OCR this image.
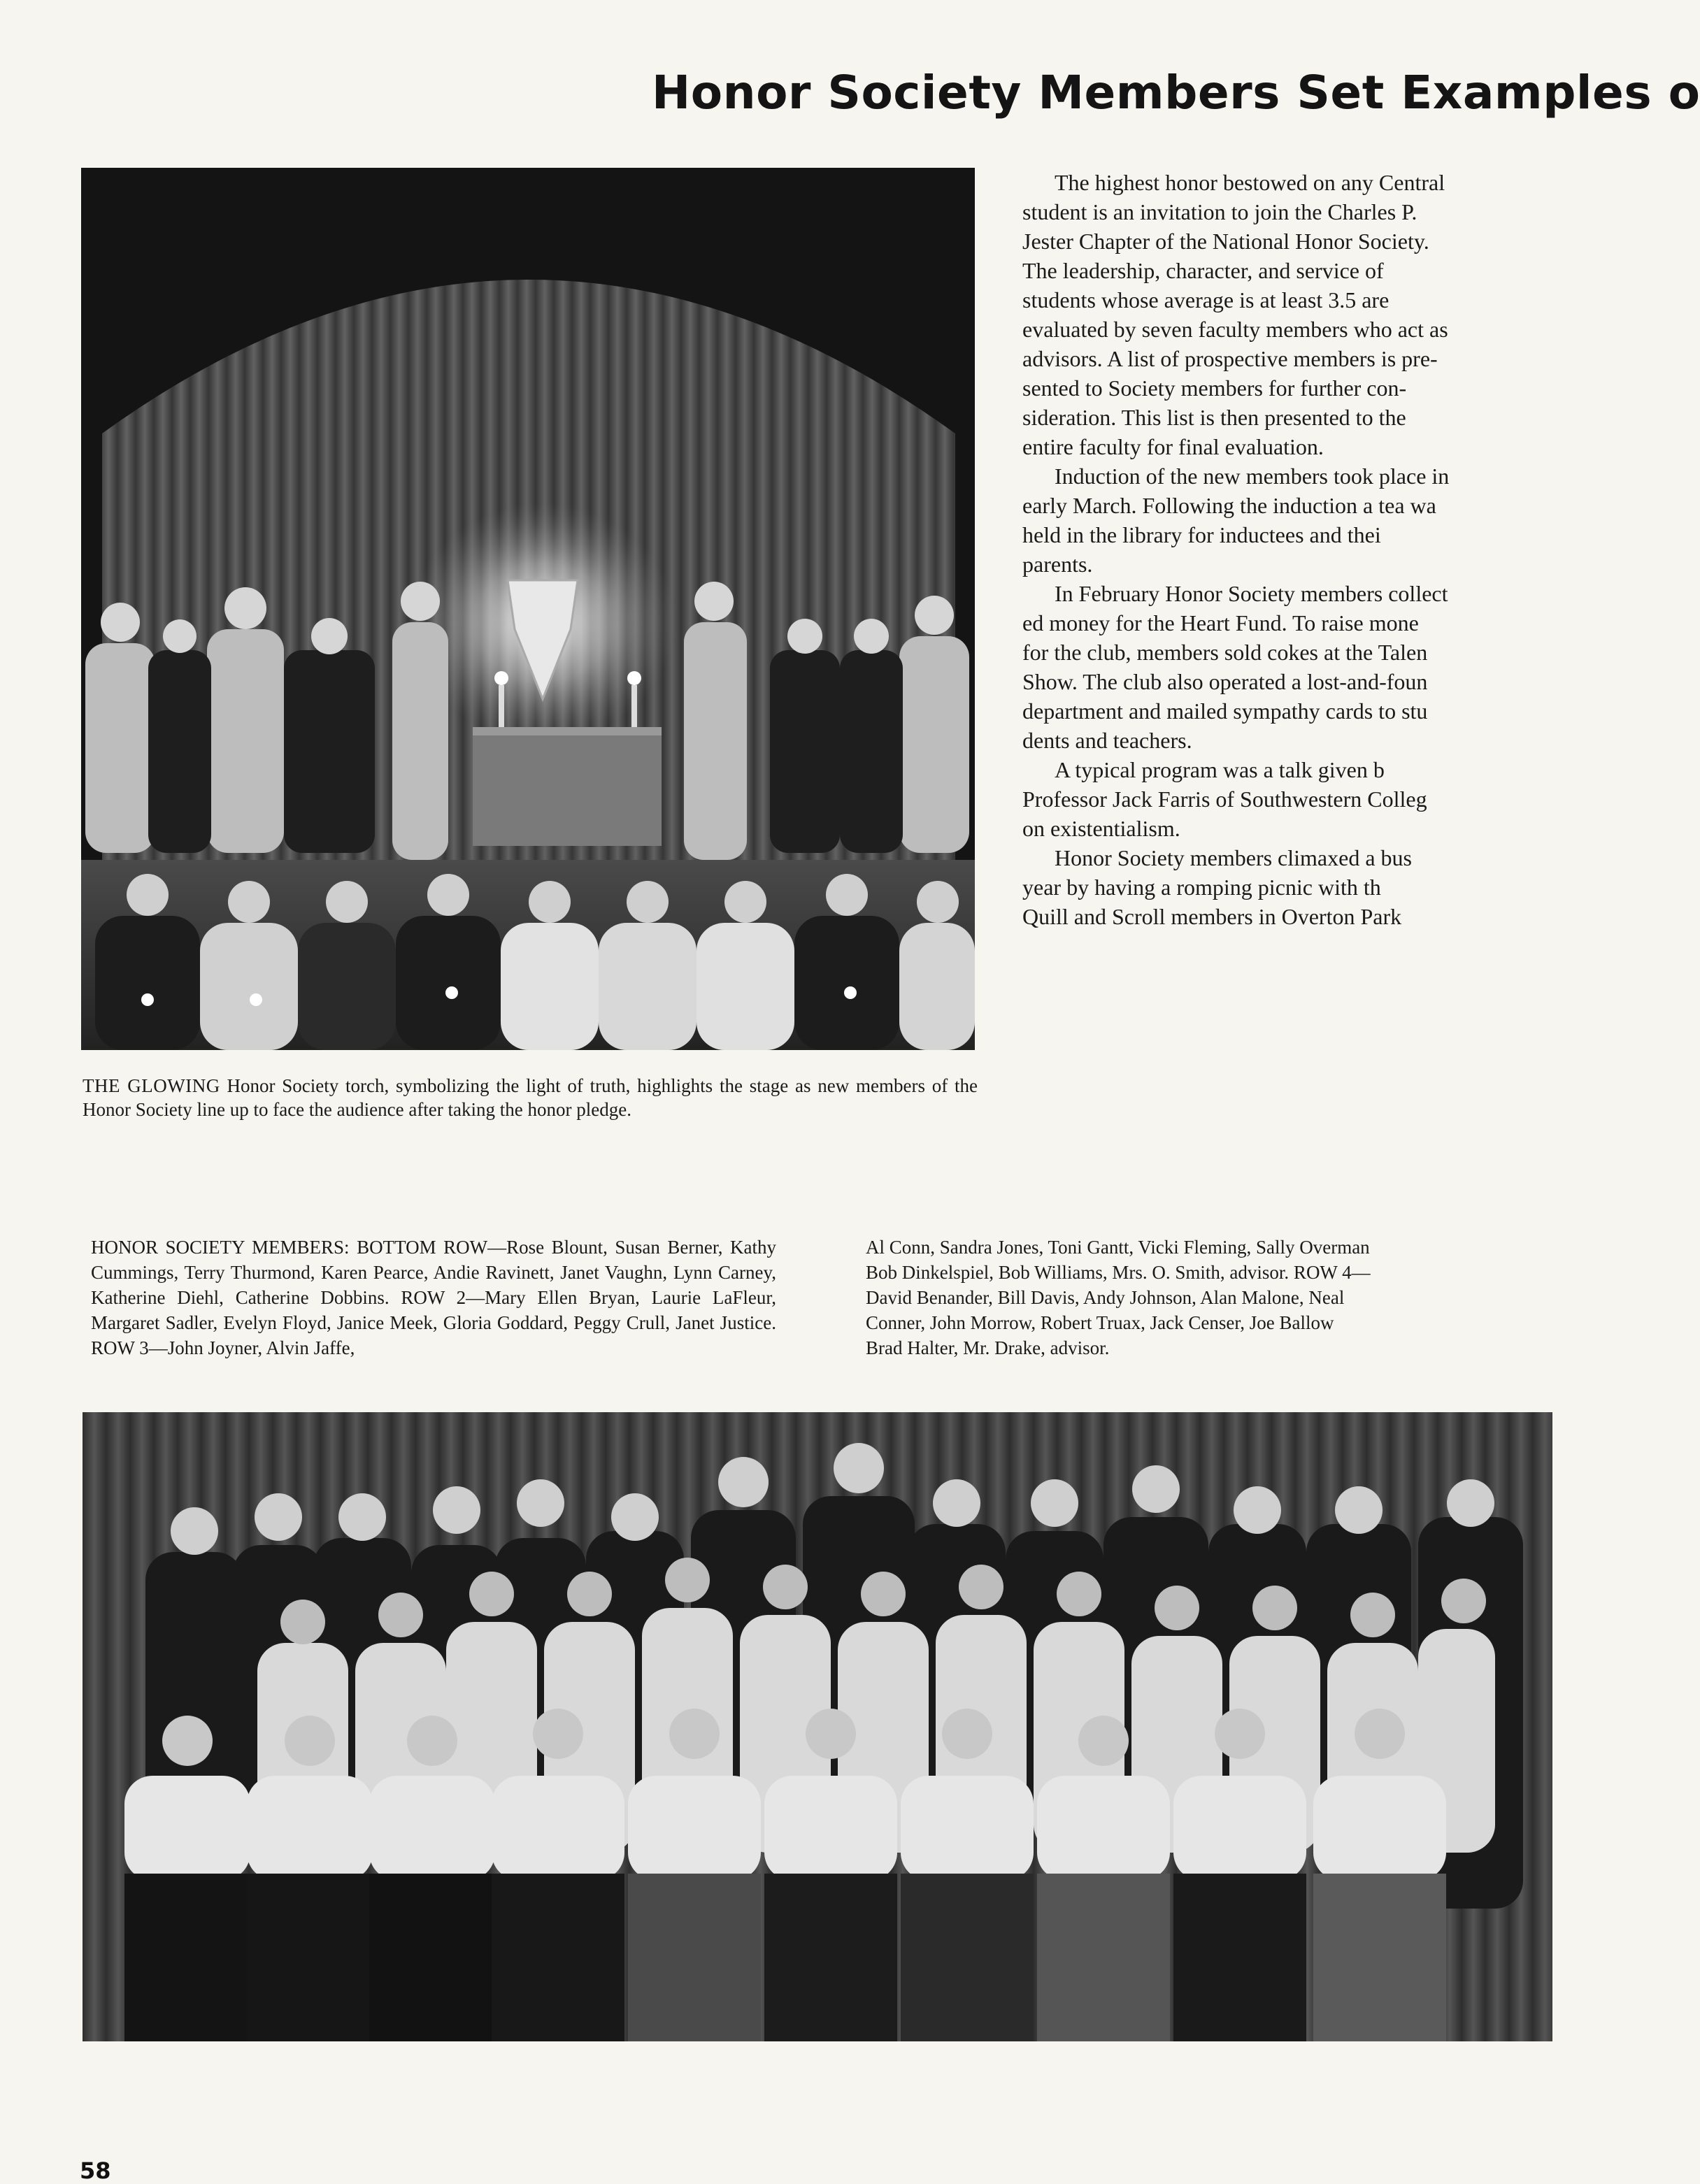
Honor Society Members Set Examples o

The highest honor bestowed on any Central
student is an invitation to join the Charles P.
Jester Chapter of the National Honor Society.
The leadership, character, and service of
students whose average is at least 3.5 are
evaluated by seven faculty members who act as
advisors. A list of prospective members is pre-
sented to Society members for further con-
sideration. This list is then presented to the
entire faculty for final evaluation.

Induction of the new members took place in
early March. Following the induction a tea wa
held in the library for inductees and thei
parents.

In February Honor Society members collect
ed money for the Heart Fund. To raise mone
for the club, members sold cokes at the Talen
Show. The club also operated a lost-and-foun
department and mailed sympathy cards to stu
dents and teachers.

A typical program was a talk given b
Professor Jack Farris of Southwestern Colleg
on existentialism.

Honor Society members climaxed a bus
year by having a romping picnic with th
Quill and Scroll members in Overton Park

THE GLOWING Honor Society torch, symbolizing the light of truth, highlights the stage as new members of the Honor Society line up to face the audience after taking the honor pledge.
HONOR SOCIETY MEMBERS: BOTTOM ROW—Rose Blount, Susan Berner, Kathy Cummings, Terry Thurmond, Karen Pearce, Andie Ravinett, Janet Vaughn, Lynn Carney, Katherine Diehl, Catherine Dobbins. ROW 2—Mary Ellen Bryan, Laurie LaFleur, Margaret Sadler, Evelyn Floyd, Janice Meek, Gloria Goddard, Peggy Crull, Janet Justice. ROW 3—John Joyner, Alvin Jaffe,
Al Conn, Sandra Jones, Toni Gantt, Vicki Fleming, Sally Overman
Bob Dinkelspiel, Bob Williams, Mrs. O. Smith, advisor. ROW 4—
David Benander, Bill Davis, Andy Johnson, Alan Malone, Neal
Conner, John Morrow, Robert Truax, Jack Censer, Joe Ballow
Brad Halter, Mr. Drake, advisor.
58
